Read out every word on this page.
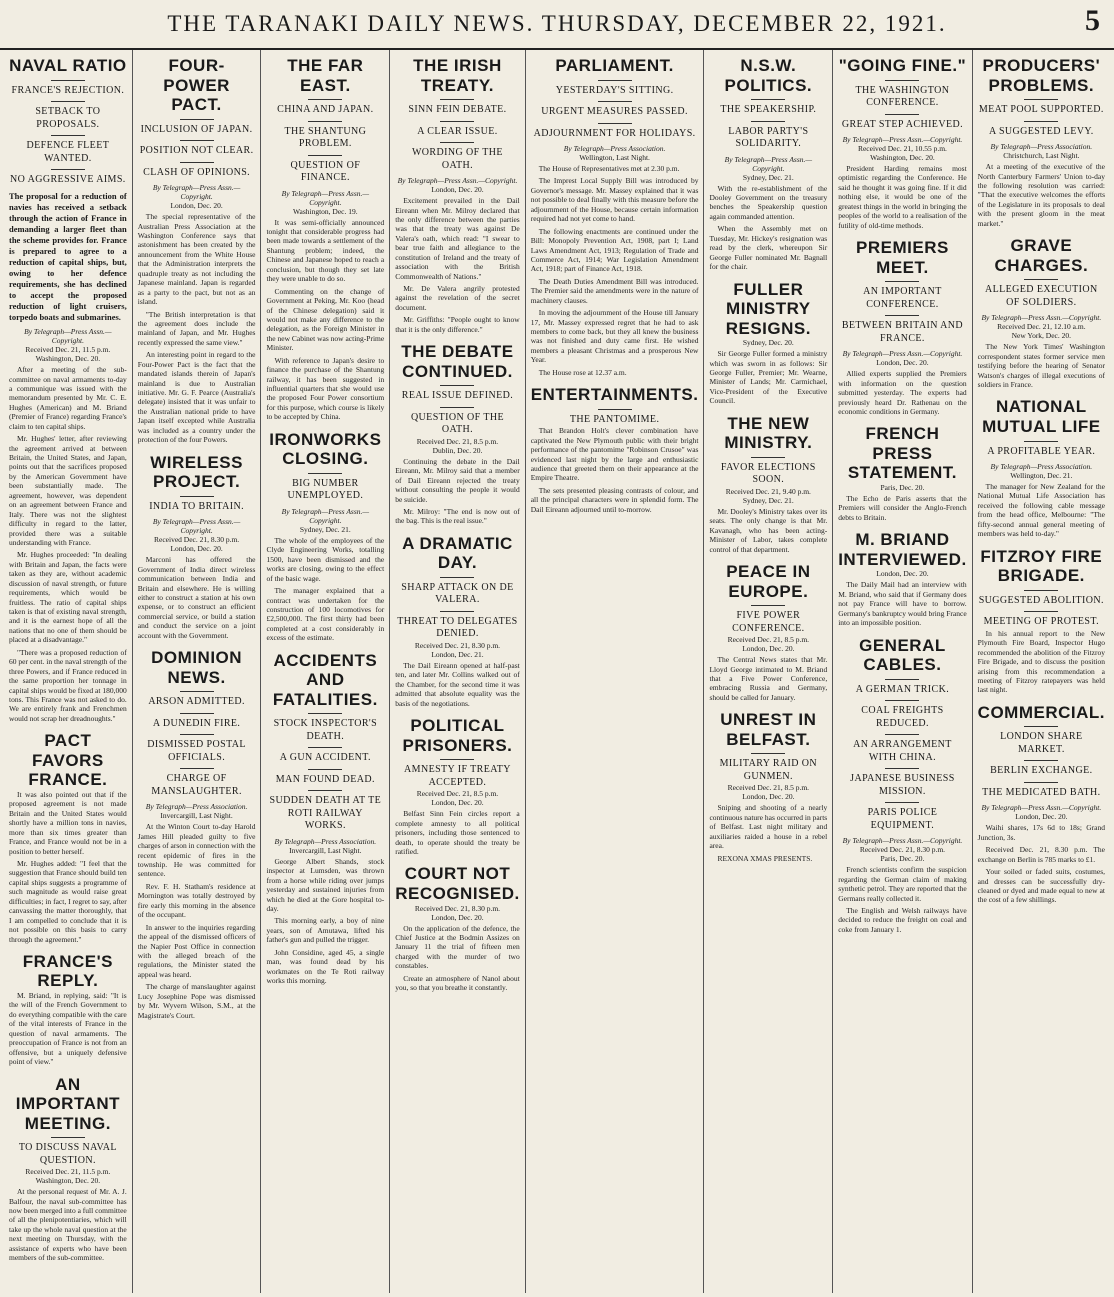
THE TARANAKI DAILY NEWS. THURSDAY, DECEMBER 22, 1921.	5
NAVAL RATIO
FRANCE'S REJECTION.
SETBACK TO PROPOSALS.
DEFENCE FLEET WANTED.
NO AGGRESSIVE AIMS.
The proposal for a reduction of navies has received a setback through the action of France in demanding a larger fleet than the scheme provides for. France is prepared to agree to a reduction of capital ships, but, owing to her defence requirements, she has declined to accept the proposed reduction of light cruisers, torpedo boats and submarines.
By Telegraph—Press Assn.—Copyright.
Received Dec. 21, 11.5 p.m.
Washington, Dec. 20.

After a meeting of the sub-committee on naval armaments to-day a communique was issued with the memorandum presented by Mr. C. E. Hughes (American) and M. Briand (Premier of France) regarding France's claim to ten capital ships.

Mr. Hughes' letter, after reviewing the agreement arrived at between Britain, the United States, and Japan, points out that the sacrifices proposed by the American Government have been substantially made. The agreement, however, was dependent on an agreement between France and Italy. There was not the slightest difficulty in regard to the latter, provided there was a suitable understanding with France.

Mr. Hughes proceeded: "In dealing with Britain and Japan, the facts were taken as they are, without academic discussion of naval strength, or future requirements, which would be fruitless. The ratio of capital ships taken is that of existing naval strength, and it is the earnest hope of all the nations that no one of them should be placed at a disadvantage."

"There was a proposed reduction of 60 per cent. in the naval strength of the three Powers, and if France reduced in the same proportion her tonnage in capital ships would be fixed at 180,000 tons. This France was not asked to do. We are entirely frank and Frenchmen would not scrap her dreadnoughts."

PACT FAVORS FRANCE.

It was also pointed out that if the proposed agreement is not made Britain and the United States would shortly have a million tons in navies, more than six times greater than France, and France would not be in a position to better herself.

Mr. Hughes added: "I feel that the suggestion that France should build ten capital ships suggests a programme of such magnitude as would raise great difficulties; in fact, I regret to say, after canvassing the matter thoroughly, that I am compelled to conclude that it is not possible on this basis to carry through the agreement."

FRANCE'S REPLY.

M. Briand, in replying, said: "It is the will of the French Government to do everything compatible with the care of the vital interests of France in the question of naval armaments. The preoccupation of France is not from an offensive, but a uniquely defensive point of view."

AN IMPORTANT MEETING.
TO DISCUSS NAVAL QUESTION.
Received Dec. 21, 11.5 p.m.
Washington, Dec. 20.

At the personal request of Mr. A. J. Balfour, the naval sub-committee has now been merged into a full committee of all the plenipotentiaries, which will take up the whole naval question at the next meeting on Thursday, with the assistance of experts who have been members of the sub-committee.

FOUR-POWER PACT.
INCLUSION OF JAPAN.
POSITION NOT CLEAR.
CLASH OF OPINIONS.
By Telegraph—Press Assn.—Copyright.
London, Dec. 20.

The special representative of the Australian Press Association at the Washington Conference says that astonishment has been created by the announcement from the White House that the Administration interprets the quadruple treaty as not including the Japanese mainland. Japan is regarded as a party to the pact, but not as an island.

"The British interpretation is that the agreement does include the mainland of Japan, and Mr. Hughes recently expressed the same view."

An interesting point in regard to the Four-Power Pact is the fact that the mandated islands therein of Japan's mainland is due to Australian initiative. Mr. G. F. Pearce (Australia's delegate) insisted that it was unfair to the Australian national pride to have Japan itself excepted while Australia was included as a country under the protection of the four Powers.

WIRELESS PROJECT.
INDIA TO BRITAIN.
By Telegraph—Press Assn.—Copyright.
Received Dec. 21, 8.30 p.m.
London, Dec. 20.

Marconi has offered the Government of India direct wireless communication between India and Britain and elsewhere. He is willing either to construct a station at his own expense, or to construct an efficient commercial service, or build a station and conduct the service on a joint account with the Government.

DOMINION NEWS.
ARSON ADMITTED.
A DUNEDIN FIRE.
DISMISSED POSTAL OFFICIALS.
CHARGE OF MANSLAUGHTER.
By Telegraph—Press Association.
Invercargill, Last Night.

At the Winton Court to-day Harold James Hill pleaded guilty to five charges of arson in connection with the recent epidemic of fires in the township. He was committed for sentence.

Rev. F. H. Statham's residence at Mornington was totally destroyed by fire early this morning in the absence of the occupant.

In answer to the inquiries regarding the appeal of the dismissed officers of the Napier Post Office in connection with the alleged breach of the regulations, the Minister stated the appeal was heard.

The charge of manslaughter against Lucy Josephine Pope was dismissed by Mr. Wyvern Wilson, S.M., at the Magistrate's Court.

THE FAR EAST.
CHINA AND JAPAN.
THE SHANTUNG PROBLEM.
QUESTION OF FINANCE.
By Telegraph—Press Assn.—Copyright.
Washington, Dec. 19.

It was semi-officially announced tonight that considerable progress had been made towards a settlement of the Shantung problem; indeed, the Chinese and Japanese hoped to reach a conclusion, but though they set late they were unable to do so.

Commenting on the change of Government at Peking, Mr. Koo (head of the Chinese delegation) said it would not make any difference to the delegation, as the Foreign Minister in the new Cabinet was now acting-Prime Minister.

With reference to Japan's desire to finance the purchase of the Shantung railway, it has been suggested in influential quarters that she would use the proposed Four Power consortium for this purpose, which course is likely to be accepted by China.

IRONWORKS CLOSING.
BIG NUMBER UNEMPLOYED.
By Telegraph—Press Assn.—Copyright.
Sydney, Dec. 21.

The whole of the employees of the Clyde Engineering Works, totalling 1500, have been dismissed and the works are closing, owing to the effect of the basic wage.

The manager explained that a contract was undertaken for the construction of 100 locomotives for £2,500,000. The first thirty had been completed at a cost considerably in excess of the estimate.

ACCIDENTS AND FATALITIES.
STOCK INSPECTOR'S DEATH.
A GUN ACCIDENT.
MAN FOUND DEAD.
SUDDEN DEATH AT TE ROTI RAILWAY WORKS.
By Telegraph—Press Association.
Invercargill, Last Night.

George Albert Shands, stock inspector at Lumsden, was thrown from a horse while riding over jumps yesterday and sustained injuries from which he died at the Gore hospital to-day.

This morning early, a boy of nine years, son of Amutawa, lifted his father's gun and pulled the trigger.

John Considine, aged 45, a single man, was found dead by his workmates on the Te Roti railway works this morning.

THE IRISH TREATY.
SINN FEIN DEBATE.
A CLEAR ISSUE.
WORDING OF THE OATH.
By Telegraph—Press Assn.—Copyright.
London, Dec. 20.

Excitement prevailed in the Dail Eireann when Mr. Milroy declared that the only difference between the parties was that the treaty was against De Valera's oath, which read: "I swear to bear true faith and allegiance to the constitution of Ireland and the treaty of association with the British Commonwealth of Nations."

Mr. De Valera angrily protested against the revelation of the secret document.

Mr. Griffiths: "People ought to know that it is the only difference."

THE DEBATE CONTINUED.
REAL ISSUE DEFINED.
QUESTION OF THE OATH.
Received Dec. 21, 8.5 p.m.
Dublin, Dec. 20.

Continuing the debate in the Dail Eireann, Mr. Milroy said that a member of Dail Eireann rejected the treaty without consulting the people it would be suicide.

Mr. Milroy: "The end is now out of the bag. This is the real issue."

A DRAMATIC DAY.
SHARP ATTACK ON DE VALERA.
THREAT TO DELEGATES DENIED.
Received Dec. 21, 8.30 p.m.
London, Dec. 21.

The Dail Eireann opened at half-past ten, and later Mr. Collins walked out of the Chamber, for the second time it was admitted that absolute equality was the basis of the negotiations.

POLITICAL PRISONERS.
AMNESTY IF TREATY ACCEPTED.
Received Dec. 21, 8.5 p.m.
London, Dec. 20.

Belfast Sinn Fein circles report a complete amnesty to all political prisoners, including those sentenced to death, to operate should the treaty be ratified.

COURT NOT RECOGNISED.
Received Dec. 21, 8.30 p.m.
London, Dec. 20.

On the application of the defence, the Chief Justice at the Bodmin Assizes on January 11 the trial of fifteen men charged with the murder of two constables.

Create an atmosphere of Nanol about you, so that you breathe it constantly.

PARLIAMENT.
YESTERDAY'S SITTING.
URGENT MEASURES PASSED.
ADJOURNMENT FOR HOLIDAYS.
By Telegraph—Press Association.
Wellington, Last Night.

The House of Representatives met at 2.30 p.m.

The Imprest Local Supply Bill was introduced by Governor's message. Mr. Massey explained that it was not possible to deal finally with this measure before the adjournment of the House, because certain information required had not yet come to hand.

The following enactments are continued under the Bill: Monopoly Prevention Act, 1908, part I; Land Laws Amendment Act, 1913; Regulation of Trade and Commerce Act, 1914; War Legislation Amendment Act, 1918; part of Finance Act, 1918.

The Death Duties Amendment Bill was introduced. The Premier said the amendments were in the nature of machinery clauses.

In moving the adjournment of the House till January 17, Mr. Massey expressed regret that he had to ask members to come back, but they all knew the business was not finished and duty came first. He wished members a pleasant Christmas and a prosperous New Year.

The House rose at 12.37 a.m.

ENTERTAINMENTS.
THE PANTOMIME.

That Brandon Holt's clever combination have captivated the New Plymouth public with their bright performance of the pantomime "Robinson Crusoe" was evidenced last night by the large and enthusiastic audience that greeted them on their appearance at the Empire Theatre.

The sets presented pleasing contrasts of colour, and all the principal characters were in splendid form. The Dail Eireann adjourned until to-morrow.

N.S.W. POLITICS.
THE SPEAKERSHIP.
LABOR PARTY'S SOLIDARITY.
By Telegraph—Press Assn.—Copyright.
Sydney, Dec. 21.

With the re-establishment of the Dooley Government on the treasury benches the Speakership question again commanded attention.

When the Assembly met on Tuesday, Mr. Hickey's resignation was read by the clerk, whereupon Sir George Fuller nominated Mr. Bagnall for the chair.

FULLER MINISTRY RESIGNS.
Sydney, Dec. 20.

Sir George Fuller formed a ministry which was sworn in as follows: Sir George Fuller, Premier; Mr. Wearne, Minister of Lands; Mr. Carmichael, Vice-President of the Executive Council.

THE NEW MINISTRY.
FAVOR ELECTIONS SOON.
Received Dec. 21, 9.40 p.m.
Sydney, Dec. 21.

Mr. Dooley's Ministry takes over its seats. The only change is that Mr. Kavanagh, who has been acting-Minister of Labor, takes complete control of that department.

PEACE IN EUROPE.
FIVE POWER CONFERENCE.
Received Dec. 21, 8.5 p.m.
London, Dec. 20.

The Central News states that Mr. Lloyd George intimated to M. Briand that a Five Power Conference, embracing Russia and Germany, should be called for January.

UNREST IN BELFAST.
MILITARY RAID ON GUNMEN.
Received Dec. 21, 8.5 p.m.
London, Dec. 20.

Sniping and shooting of a nearly continuous nature has occurred in parts of Belfast. Last night military and auxiliaries raided a house in a rebel area.

REXONA XMAS PRESENTS.

"GOING FINE."
THE WASHINGTON CONFERENCE.
GREAT STEP ACHIEVED.
By Telegraph—Press Assn.—Copyright.
Received Dec. 21, 10.55 p.m.
Washington, Dec. 20.

President Harding remains most optimistic regarding the Conference. He said he thought it was going fine. If it did nothing else, it would be one of the greatest things in the world in bringing the peoples of the world to a realisation of the futility of old-time methods.

PREMIERS MEET.
AN IMPORTANT CONFERENCE.
BETWEEN BRITAIN AND FRANCE.
By Telegraph—Press Assn.—Copyright.
London, Dec. 20.

Allied experts supplied the Premiers with information on the question submitted yesterday. The experts had previously heard Dr. Rathenau on the economic conditions in Germany.

FRENCH PRESS STATEMENT.
Paris, Dec. 20.

The Echo de Paris asserts that the Premiers will consider the Anglo-French debts to Britain.

M. BRIAND INTERVIEWED.
London, Dec. 20.

The Daily Mail had an interview with M. Briand, who said that if Germany does not pay France will have to borrow. Germany's bankruptcy would bring France into an impossible position.

GENERAL CABLES.
A GERMAN TRICK.
COAL FREIGHTS REDUCED.
AN ARRANGEMENT WITH CHINA.
JAPANESE BUSINESS MISSION.
PARIS POLICE EQUIPMENT.
By Telegraph—Press Assn.—Copyright.
Received Dec. 21, 8.30 p.m.
Paris, Dec. 20.

French scientists confirm the suspicion regarding the German claim of making synthetic petrol. They are reported that the Germans really collected it.

The English and Welsh railways have decided to reduce the freight on coal and coke from January 1.

PRODUCERS' PROBLEMS.
MEAT POOL SUPPORTED.
A SUGGESTED LEVY.
By Telegraph—Press Association.
Christchurch, Last Night.

At a meeting of the executive of the North Canterbury Farmers' Union to-day the following resolution was carried: "That the executive welcomes the efforts of the Legislature in its proposals to deal with the present gloom in the meat market."

GRAVE CHARGES.
ALLEGED EXECUTION OF SOLDIERS.
By Telegraph—Press Assn.—Copyright.
Received Dec. 21, 12.10 a.m.
New York, Dec. 20.

The New York Times' Washington correspondent states former service men testifying before the hearing of Senator Watson's charges of illegal executions of soldiers in France.

NATIONAL MUTUAL LIFE
A PROFITABLE YEAR.
By Telegraph—Press Association.
Wellington, Dec. 21.

The manager for New Zealand for the National Mutual Life Association has received the following cable message from the head office, Melbourne: "The fifty-second annual general meeting of members was held to-day."

FITZROY FIRE BRIGADE.
SUGGESTED ABOLITION.
MEETING OF PROTEST.

In his annual report to the New Plymouth Fire Board, Inspector Hugo recommended the abolition of the Fitzroy Fire Brigade, and to discuss the position arising from this recommendation a meeting of Fitzroy ratepayers was held last night.

COMMERCIAL.
LONDON SHARE MARKET.
BERLIN EXCHANGE.
THE MEDICATED BATH.
By Telegraph—Press Assn.—Copyright.
London, Dec. 20.

Waihi shares, 17s 6d to 18s; Grand Junction, 3s.

Received Dec. 21, 8.30 p.m. The exchange on Berlin is 785 marks to £1.

Your soiled or faded suits, costumes, and dresses can be successfully dry-cleaned or dyed and made equal to new at the cost of a few shillings.
